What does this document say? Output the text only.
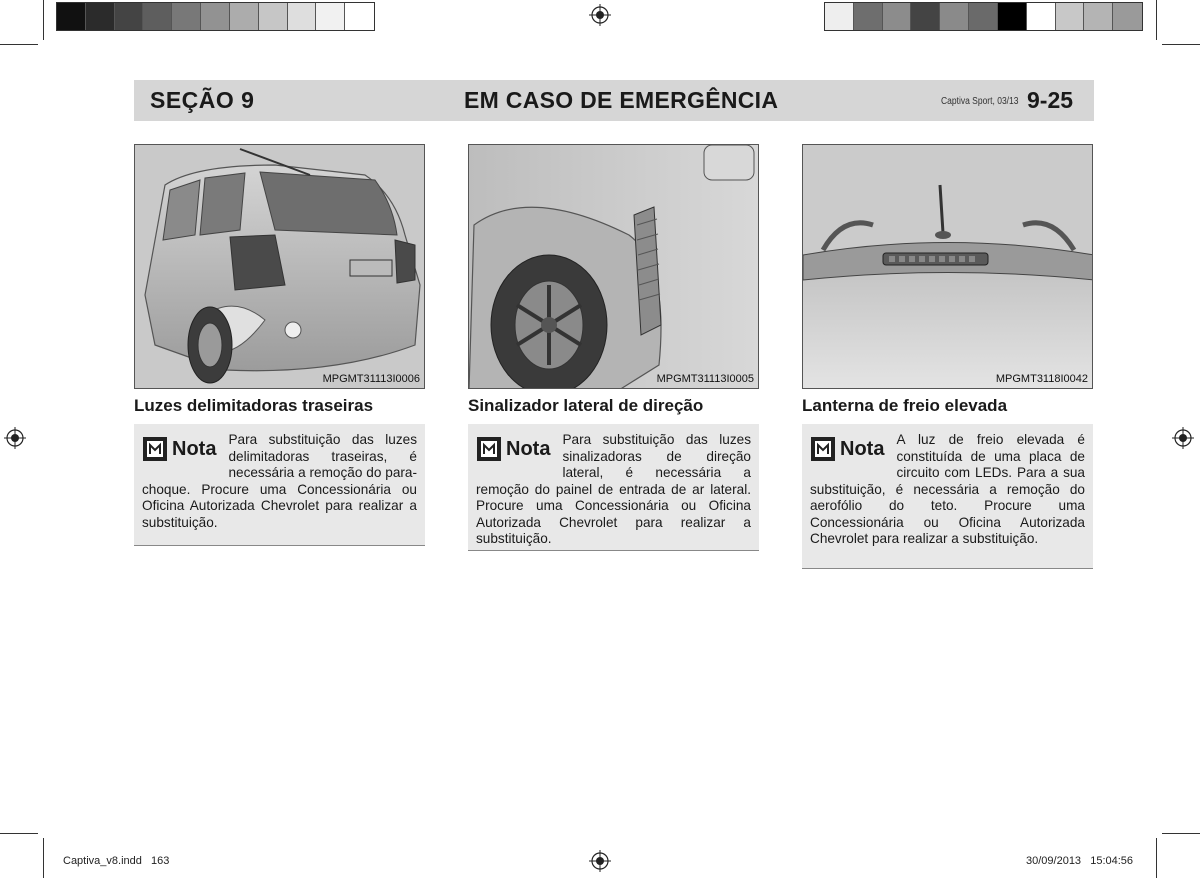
SEÇÃO 9	EM CASO DE EMERGÊNCIA	Captiva Sport, 03/13 9-25
MPGMT31113I0006	MPGMT31113I0005	MPGMT3118I0042
Luzes delimitadoras traseiras	Sinalizador lateral de direção	Lanterna de freio elevada
Nota Para substituição das luzes delimitadoras traseiras, é necessária a remoção do para-choque. Procure uma Concessionária ou Oficina Autorizada Chevrolet para realizar a substituição.
Nota Para substituição das luzes sinalizadoras de direção lateral, é necessária a remoção do painel de entrada de ar lateral. Procure uma Concessionária ou Oficina Autorizada Chevrolet para realizar a substituição.
Nota A luz de freio elevada é constituída de uma placa de circuito com LEDs. Para a sua substituição, é necessária a remoção do aerofólio do teto. Procure uma Concessionária ou Oficina Autorizada Chevrolet para realizar a substituição.
Captiva_v8.indd   163	30/09/2013   15:04:56
